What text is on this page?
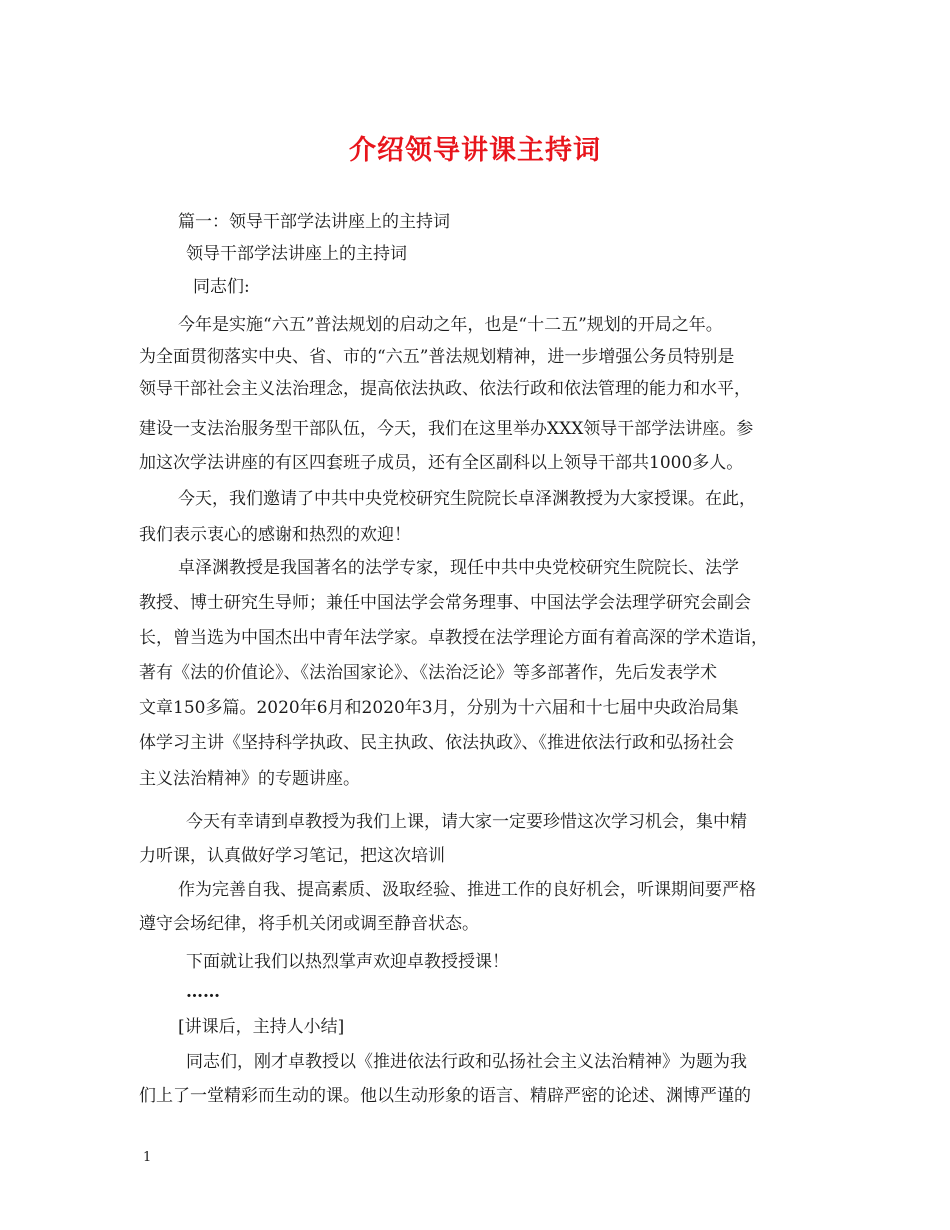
介绍领导讲课主持词

篇一：领导干部学法讲座上的主持词

领导干部学法讲座上的主持词

同志们:

今年是实施“六五”普法规划的启动之年，也是“十二五”规划的开局之年。

为全面贯彻落实中央、省、市的“六五”普法规划精神，进一步增强公务员特别是

领导干部社会主义法治理念，提高依法执政、依法行政和依法管理的能力和水平，

建设一支法治服务型干部队伍，今天，我们在这里举办XXX领导干部学法讲座。参

加这次学法讲座的有区四套班子成员，还有全区副科以上领导干部共1000多人。

今天，我们邀请了中共中央党校研究生院院长卓泽渊教授为大家授课。在此，

我们表示衷心的感谢和热烈的欢迎！

卓泽渊教授是我国著名的法学专家，现任中共中央党校研究生院院长、法学

教授、博士研究生导师；兼任中国法学会常务理事、中国法学会法理学研究会副会

长，曾当选为中国杰出中青年法学家。卓教授在法学理论方面有着高深的学术造诣，

著有《法的价值论》、《法治国家论》、《法治泛论》等多部著作，先后发表学术

文章150多篇。2020年6月和2020年3月，分别为十六届和十七届中央政治局集

体学习主讲《坚持科学执政、民主执政、依法执政》、《推进依法行政和弘扬社会

主义法治精神》的专题讲座。

今天有幸请到卓教授为我们上课，请大家一定要珍惜这次学习机会，集中精

力听课，认真做好学习笔记，把这次培训

作为完善自我、提高素质、汲取经验、推进工作的良好机会，听课期间要严格

遵守会场纪律，将手机关闭或调至静音状态。

下面就让我们以热烈掌声欢迎卓教授授课！

……

[讲课后，主持人小结]

同志们，刚才卓教授以《推进依法行政和弘扬社会主义法治精神》为题为我

们上了一堂精彩而生动的课。他以生动形象的语言、精辟严密的论述、渊博严谨的

1
